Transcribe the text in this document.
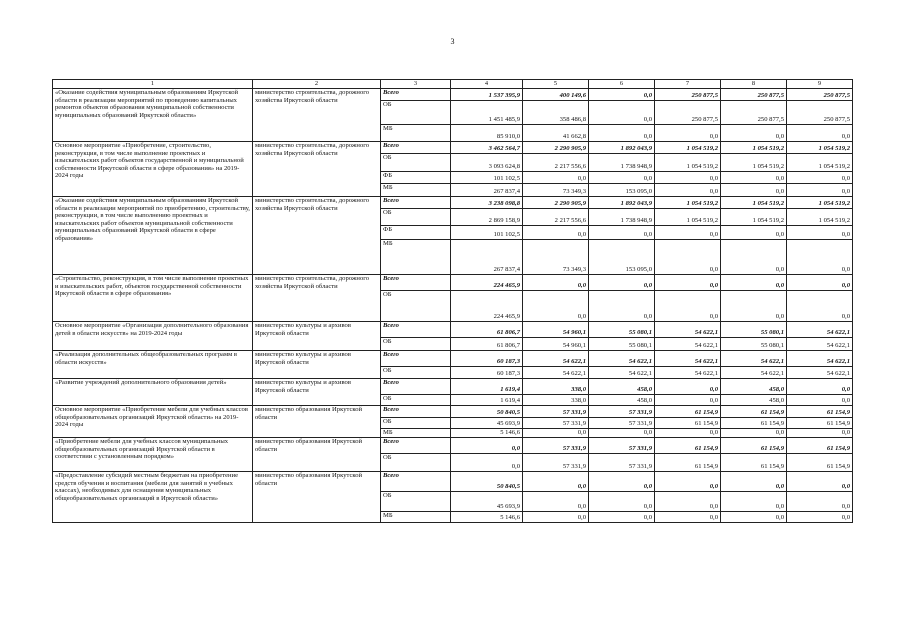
3
1	2	3	4	5	6	7	8	9
«Оказание содействия муниципальным образованиям Иркутской области в реализации мероприятий по проведению капитальных ремонтов объектов образования муниципальной собственности муниципальных образований Иркутской области»	министерство строительства, дорожного хозяйства Иркутской области	Всего	1 537 395,9	400 149,6	0,0	250 877,5	250 877,5	250 877,5
		ОБ	1 451 485,9	358 486,8	0,0	250 877,5	250 877,5	250 877,5
		МБ	85 910,0	41 662,8	0,0	0,0	0,0	0,0
Основное мероприятие «Приобретение, строительство, реконструкция, в том числе выполнение проектных и изыскательских работ объектов государственной и муниципальной собственности Иркутской области в сфере образования» на 2019-2024 годы	министерство строительства, дорожного хозяйства Иркутской области	Всего	3 462 564,7	2 290 905,9	1 892 043,9	1 054 519,2	1 054 519,2	1 054 519,2
		ОБ	3 093 624,8	2 217 556,6	1 738 948,9	1 054 519,2	1 054 519,2	1 054 519,2
		ФБ	101 102,5	0,0	0,0	0,0	0,0	0,0
		МБ	267 837,4	73 349,3	153 095,0	0,0	0,0	0,0
«Оказание содействия муниципальным образованиям Иркутской области в реализации мероприятий по приобретению, строительству, реконструкции, в том числе выполнению проектных и изыскательских работ объектов муниципальной собственности муниципальных образований Иркутской области в сфере образования»	министерство строительства, дорожного хозяйства Иркутской области	Всего	3 238 098,8	2 290 905,9	1 892 043,9	1 054 519,2	1 054 519,2	1 054 519,2
		ОБ	2 869 158,9	2 217 556,6	1 738 948,9	1 054 519,2	1 054 519,2	1 054 519,2
		ФБ	101 102,5	0,0	0,0	0,0	0,0	0,0
		МБ	267 837,4	73 349,3	153 095,0	0,0	0,0	0,0
«Строительство, реконструкция, в том числе выполнение проектных и изыскательских работ, объектов государственной собственности Иркутской области в сфере образования»	министерство строительства, дорожного хозяйства Иркутской области	Всего	224 465,9	0,0	0,0	0,0	0,0	0,0
		ОБ	224 465,9	0,0	0,0	0,0	0,0	0,0
Основное мероприятие «Организация дополнительного образования детей в области искусств» на 2019-2024 годы	министерство культуры и архивов Иркутской области	Всего	61 806,7	54 960,1	55 080,1	54 622,1	55 080,1	54 622,1
		ОБ	61 806,7	54 960,1	55 080,1	54 622,1	55 080,1	54 622,1
«Реализация дополнительных общеобразовательных программ в области искусств»	министерство культуры и архивов Иркутской области	Всего	60 187,3	54 622,1	54 622,1	54 622,1	54 622,1	54 622,1
		ОБ	60 187,3	54 622,1	54 622,1	54 622,1	54 622,1	54 622,1
«Развитие учреждений дополнительного образования детей»	министерство культуры и архивов Иркутской области	Всего	1 619,4	338,0	458,0	0,0	458,0	0,0
		ОБ	1 619,4	338,0	458,0	0,0	458,0	0,0
Основное мероприятие «Приобретение мебели для учебных классов общеобразовательных организаций Иркутской области» на 2019-2024 годы	министерство образования Иркутской области	Всего	50 840,5	57 331,9	57 331,9	61 154,9	61 154,9	61 154,9
		ОБ	45 693,9	57 331,9	57 331,9	61 154,9	61 154,9	61 154,9
		МБ	5 146,6	0,0	0,0	0,0	0,0	0,0
«Приобретение мебели для учебных классов муниципальных общеобразовательных организаций Иркутской области в соответствии с установленным порядком»	министерство образования Иркутской области	Всего	0,0	57 331,9	57 331,9	61 154,9	61 154,9	61 154,9
		ОБ	0,0	57 331,9	57 331,9	61 154,9	61 154,9	61 154,9
«Предоставление субсидий местным бюджетам на приобретение средств обучения и воспитания (мебели для занятий в учебных классах), необходимых для оснащения муниципальных общеобразовательных организаций в Иркутской области»	министерство образования Иркутской области	Всего	50 840,5	0,0	0,0	0,0	0,0	0,0
		ОБ	45 693,9	0,0	0,0	0,0	0,0	0,0
		МБ	5 146,6	0,0	0,0	0,0	0,0	0,0
